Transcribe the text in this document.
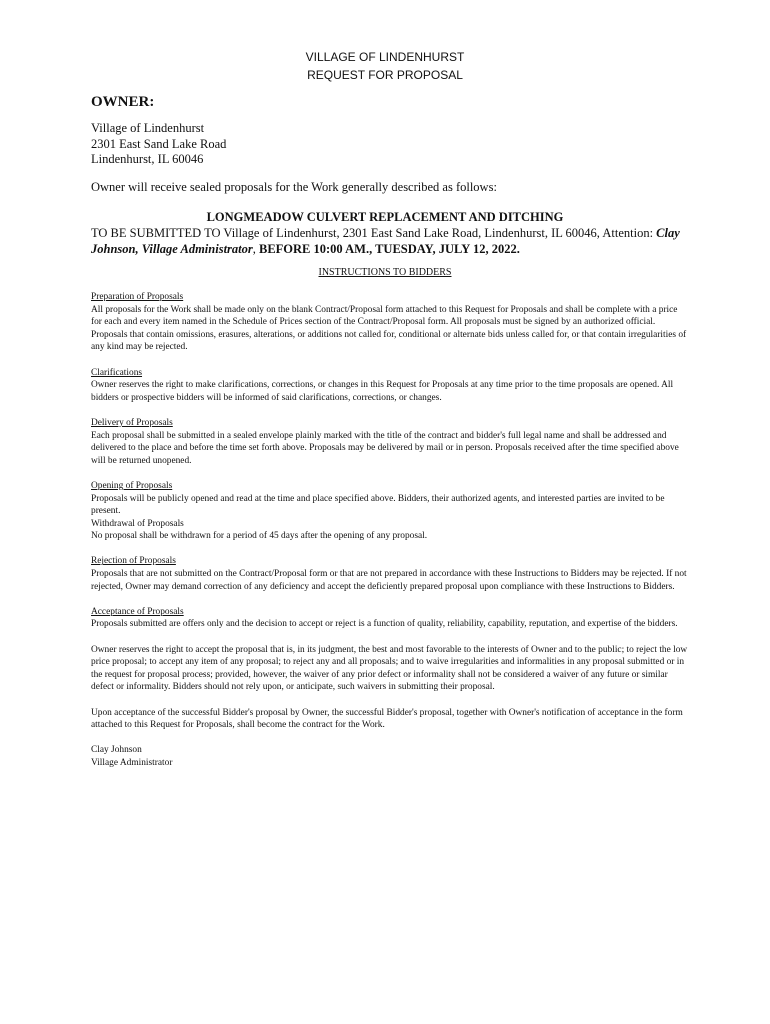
VILLAGE OF LINDENHURST
REQUEST FOR PROPOSAL
OWNER:
Village of Lindenhurst
2301 East Sand Lake Road
Lindenhurst, IL 60046
Owner will receive sealed proposals for the Work generally described as follows:
LONGMEADOW CULVERT REPLACEMENT AND DITCHING
TO BE SUBMITTED TO Village of Lindenhurst, 2301 East Sand Lake Road, Lindenhurst, IL 60046, Attention: Clay Johnson, Village Administrator, BEFORE 10:00 AM., TUESDAY, JULY 12, 2022.
INSTRUCTIONS TO BIDDERS

Preparation of Proposals
All proposals for the Work shall be made only on the blank Contract/Proposal form attached to this Request for Proposals and shall be complete with a price for each and every item named in the Schedule of Prices section of the Contract/Proposal form. All proposals must be signed by an authorized official. Proposals that contain omissions, erasures, alterations, or additions not called for, conditional or alternate bids unless called for, or that contain irregularities of any kind may be rejected.

Clarifications
Owner reserves the right to make clarifications, corrections, or changes in this Request for Proposals at any time prior to the time proposals are opened. All bidders or prospective bidders will be informed of said clarifications, corrections, or changes.

Delivery of Proposals
Each proposal shall be submitted in a sealed envelope plainly marked with the title of the contract and bidder's full legal name and shall be addressed and delivered to the place and before the time set forth above. Proposals may be delivered by mail or in person. Proposals received after the time specified above will be returned unopened.

Opening of Proposals
Proposals will be publicly opened and read at the time and place specified above. Bidders, their authorized agents, and interested parties are invited to be present.
Withdrawal of Proposals
No proposal shall be withdrawn for a period of 45 days after the opening of any proposal.

Rejection of Proposals
Proposals that are not submitted on the Contract/Proposal form or that are not prepared in accordance with these Instructions to Bidders may be rejected. If not rejected, Owner may demand correction of any deficiency and accept the deficiently prepared proposal upon compliance with these Instructions to Bidders.

Acceptance of Proposals
Proposals submitted are offers only and the decision to accept or reject is a function of quality, reliability, capability, reputation, and expertise of the bidders.

Owner reserves the right to accept the proposal that is, in its judgment, the best and most favorable to the interests of Owner and to the public; to reject the low price proposal; to accept any item of any proposal; to reject any and all proposals; and to waive irregularities and informalities in any proposal submitted or in the request for proposal process; provided, however, the waiver of any prior defect or informality shall not be considered a waiver of any future or similar defect or informality. Bidders should not rely upon, or anticipate, such waivers in submitting their proposal.

Upon acceptance of the successful Bidder's proposal by Owner, the successful Bidder's proposal, together with Owner's notification of acceptance in the form attached to this Request for Proposals, shall become the contract for the Work.

Clay Johnson
Village Administrator
